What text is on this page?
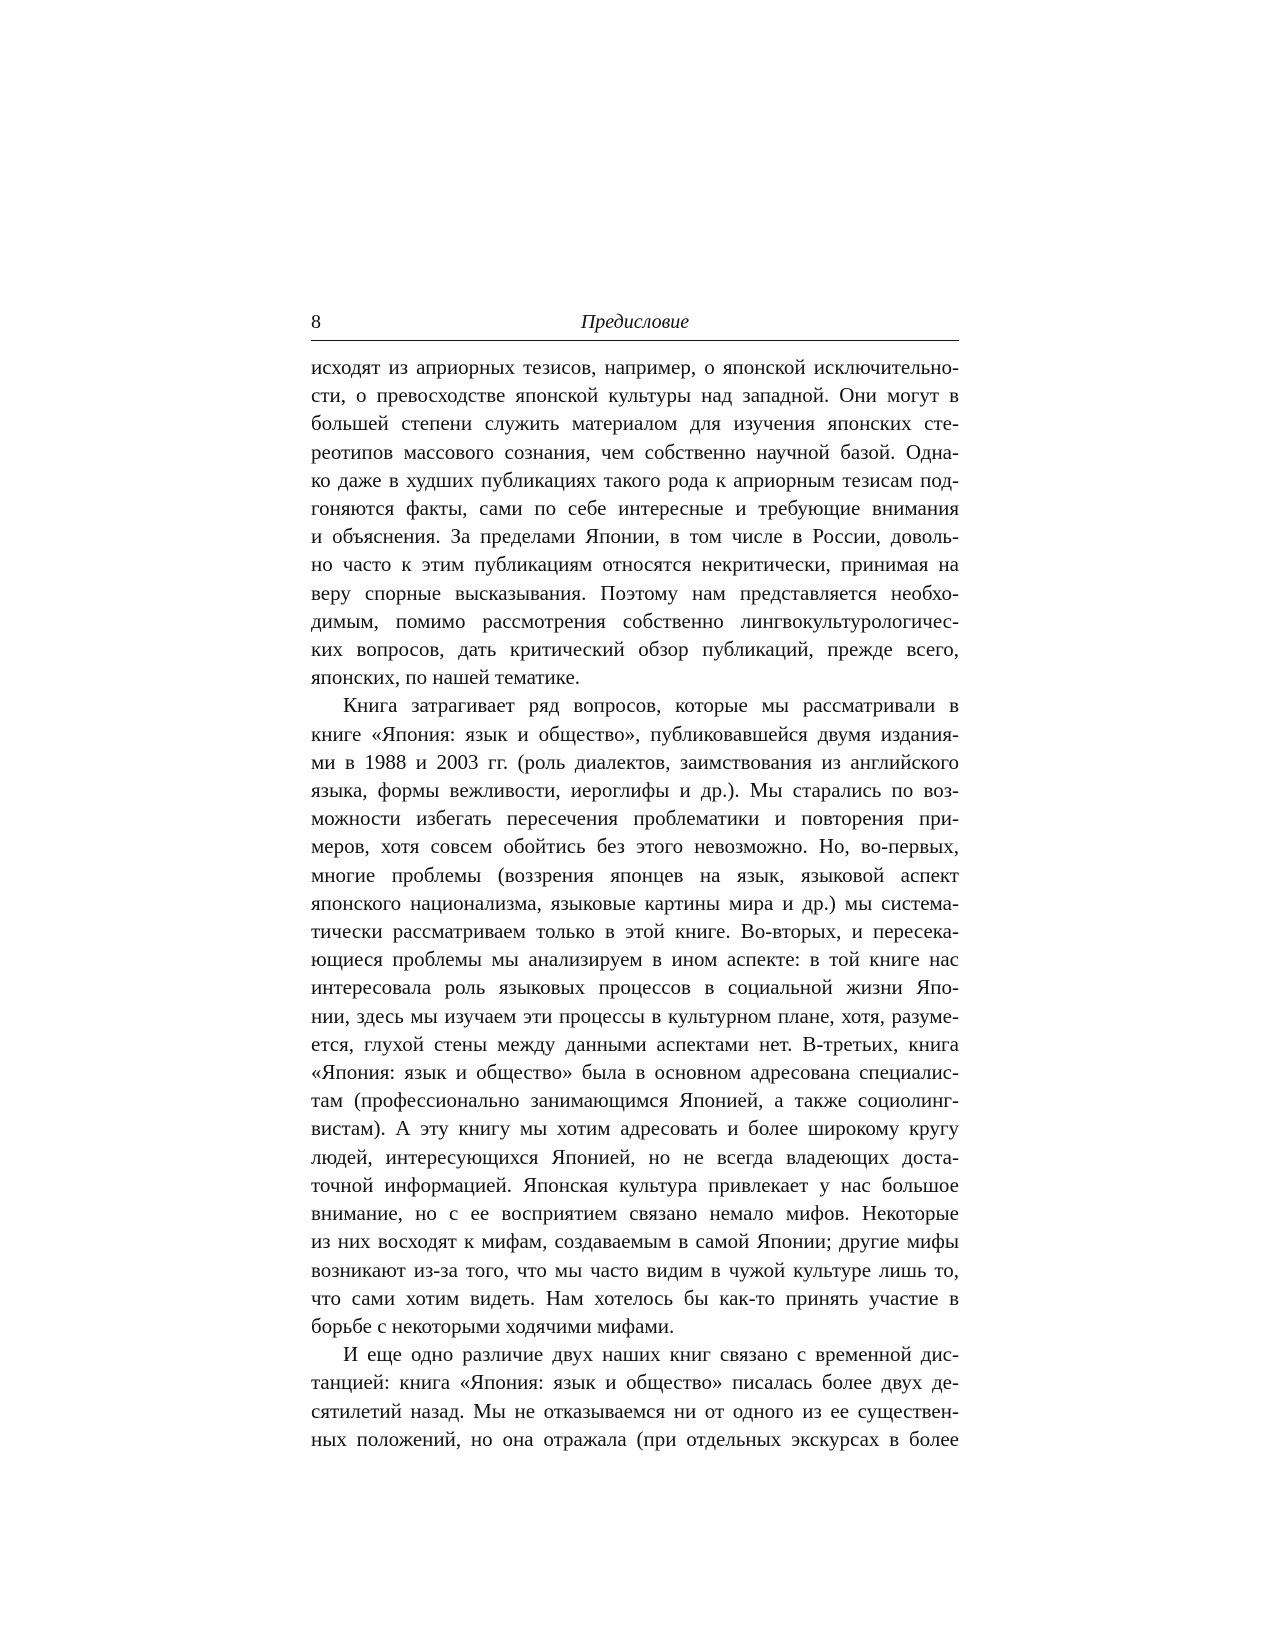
8	Предисловие

исходят из априорных тезисов, например, о японской исключительно-
сти, о превосходстве японской культуры над западной. Они могут в
большей степени служить материалом для изучения японских сте-
реотипов массового сознания, чем собственно научной базой. Одна-
ко даже в худших публикациях такого рода к априорным тезисам под-
гоняются факты, сами по себе интересные и требующие внимания
и объяснения. За пределами Японии, в том числе в России, доволь-
но часто к этим публикациям относятся некритически, принимая на
веру спорные высказывания. Поэтому нам представляется необхо-
димым, помимо рассмотрения собственно лингвокультурологичес-
ких вопросов, дать критический обзор публикаций, прежде всего,
японских, по нашей тематике.

Книга затрагивает ряд вопросов, которые мы рассматривали в
книге «Япония: язык и общество», публиковавшейся двумя издания-
ми в 1988 и 2003 гг. (роль диалектов, заимствования из английского
языка, формы вежливости, иероглифы и др.). Мы старались по воз-
можности избегать пересечения проблематики и повторения при-
меров, хотя совсем обойтись без этого невозможно. Но, во-первых,
многие проблемы (воззрения японцев на язык, языковой аспект
японского национализма, языковые картины мира и др.) мы система-
тически рассматриваем только в этой книге. Во-вторых, и пересека-
ющиеся проблемы мы анализируем в ином аспекте: в той книге нас
интересовала роль языковых процессов в социальной жизни Япо-
нии, здесь мы изучаем эти процессы в культурном плане, хотя, разуме-
ется, глухой стены между данными аспектами нет. В-третьих, книга
«Япония: язык и общество» была в основном адресована специалис-
там (профессионально занимающимся Японией, а также социолинг-
вистам). А эту книгу мы хотим адресовать и более широкому кругу
людей, интересующихся Японией, но не всегда владеющих доста-
точной информацией. Японская культура привлекает у нас большое
внимание, но с ее восприятием связано немало мифов. Некоторые
из них восходят к мифам, создаваемым в самой Японии; другие мифы
возникают из-за того, что мы часто видим в чужой культуре лишь то,
что сами хотим видеть. Нам хотелось бы как-то принять участие в
борьбе с некоторыми ходячими мифами.

И еще одно различие двух наших книг связано с временной дис-
танцией: книга «Япония: язык и общество» писалась более двух де-
сятилетий назад. Мы не отказываемся ни от одного из ее существен-
ных положений, но она отражала (при отдельных экскурсах в более
